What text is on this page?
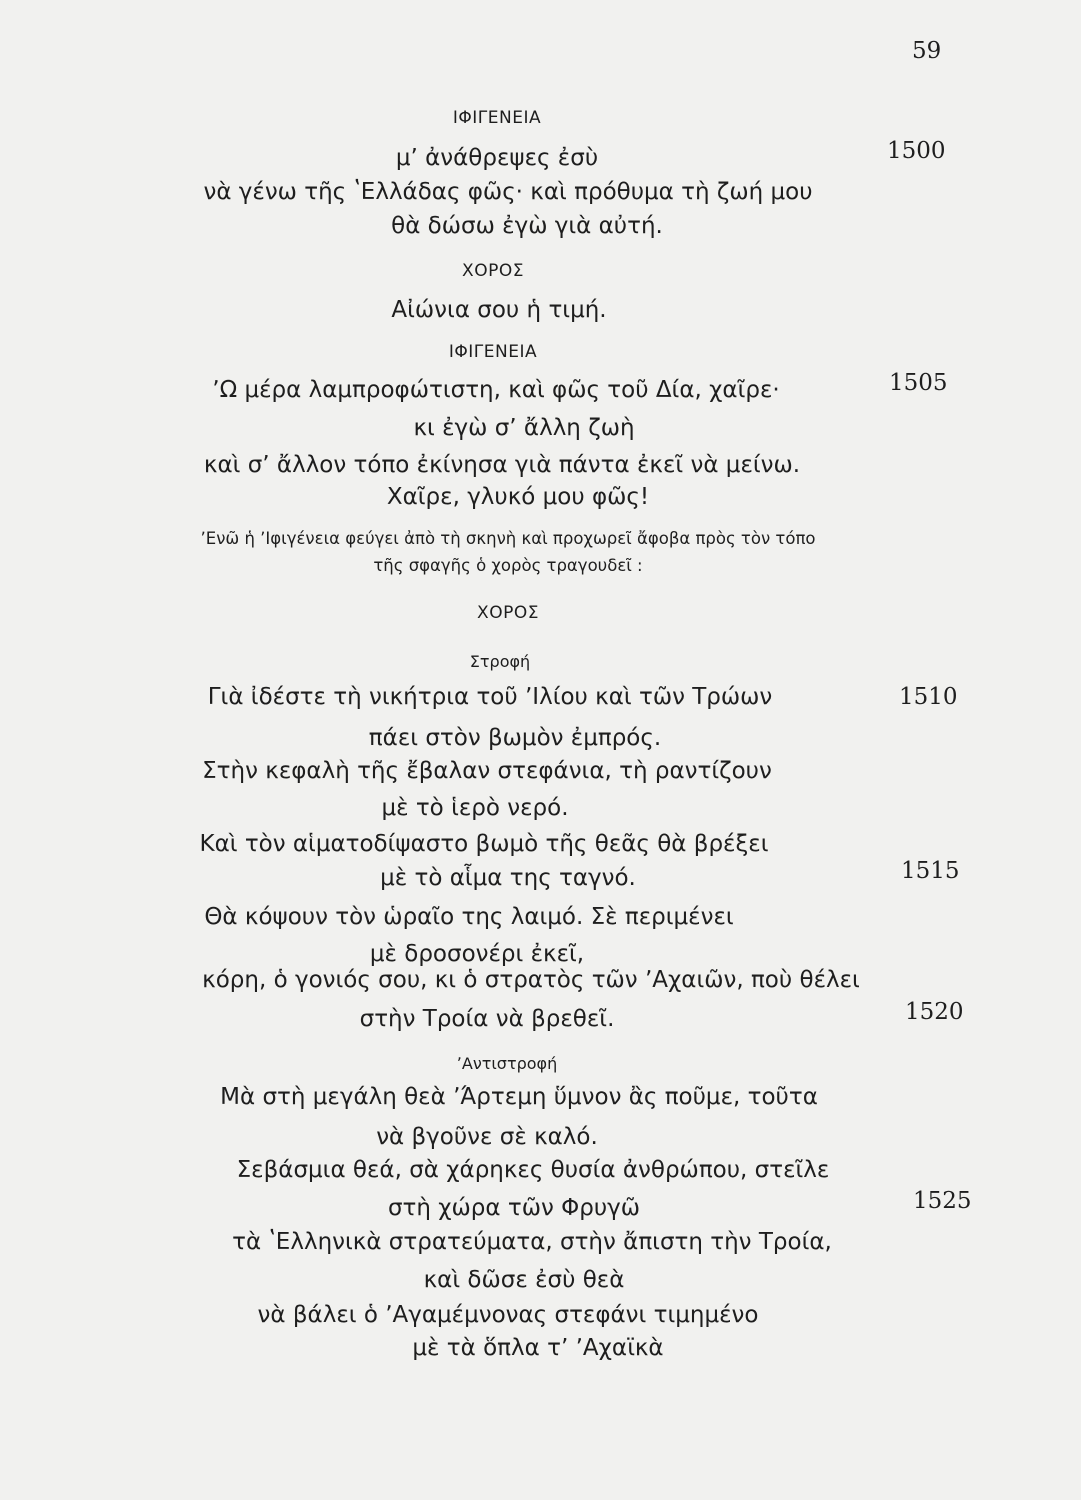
59
ΙΦΙΓΕΝΕΙΑ
μ’ ἀνάθρεψες ἐσὺ
νὰ γένω τῆς ʽΕλλάδας φῶς· καὶ πρόθυμα τὴ ζωή μου
θὰ δώσω ἐγὼ γιὰ αὐτή.
ΧΟΡΟΣ
Αἰώνια σου ἡ τιμή.
ΙΦΙΓΕΝΕΙΑ
ʼΩ μέρα λαμπροφώτιστη, καὶ φῶς τοῦ Δία, χαῖρε·
κι ἐγὼ σ’ ἄλλη ζωὴ
καὶ σ’ ἄλλον τόπο ἐκίνησα γιὰ πάντα ἐκεῖ νὰ μείνω.
Χαῖρε, γλυκό μου φῶς!
ʼΕνῶ ἡ ʼΙφιγένεια φεύγει ἀπὸ τὴ σκηνὴ καὶ προχωρεῖ ἄφοβα πρὸς τὸν τόπο
τῆς σφαγῆς ὁ χορὸς τραγουδεῖ :
ΧΟΡΟΣ
Στροφή
Γιὰ ἰδέστε τὴ νικήτρια τοῦ ʼΙλίου καὶ τῶν Τρώων
πάει στὸν βωμὸν ἐμπρός.
Στὴν κεφαλὴ τῆς ἔβαλαν στεφάνια, τὴ ραντίζουν
μὲ τὸ ἱερὸ νερό.
Καὶ τὸν αἱματοδίψαστο βωμὸ τῆς θεᾶς θὰ βρέξει
μὲ τὸ αἷμα της ταγνό.
Θὰ κόψουν τὸν ὡραῖο της λαιμό. Σὲ περιμένει
μὲ δροσονέρι ἐκεῖ,
κόρη, ὁ γονιός σου, κι ὁ στρατὸς τῶν ʼΑχαιῶν, ποὺ θέλει
στὴν Τροία νὰ βρεθεῖ.
ʼΑντιστροφή
Μὰ στὴ μεγάλη θεὰ ʼΆρτεμη ὕμνον ἂς ποῦμε, τοῦτα
νὰ βγοῦνε σὲ καλό.
Σεβάσμια θεά, σὰ χάρηκες θυσία ἀνθρώπου, στεῖλε
στὴ χώρα τῶν Φρυγῶ
τὰ ʽΕλληνικὰ στρατεύματα, στὴν ἄπιστη τὴν Τροία,
καὶ δῶσε ἐσὺ θεὰ
νὰ βάλει ὁ ʼΑγαμέμνονας στεφάνι τιμημένο
μὲ τὰ ὅπλα τ’ ʼΑχαϊκὰ
1500
1505
1510
1515
1520
1525
